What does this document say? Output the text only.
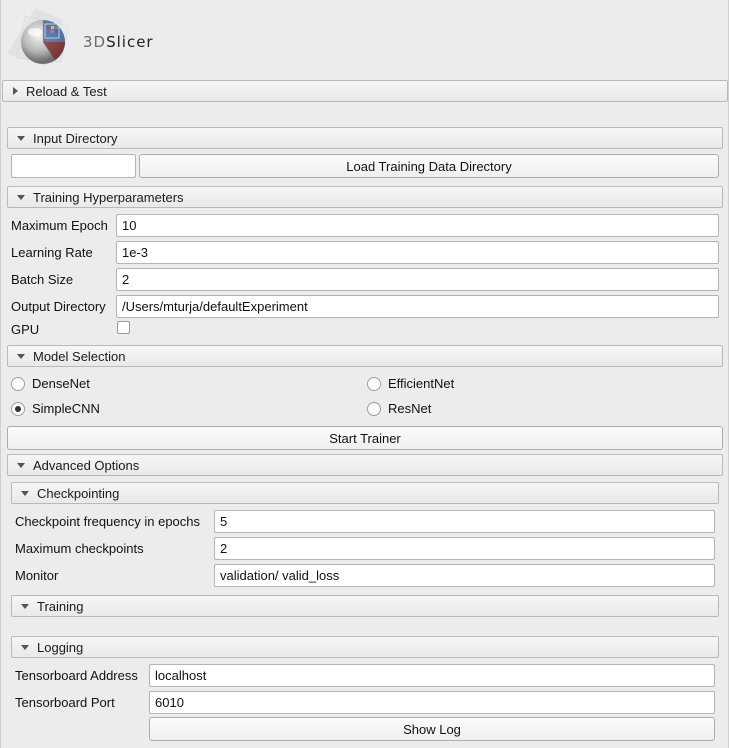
3DSlicer
Reload & Test
Input Directory
Load Training Data Directory
Training Hyperparameters
Maximum Epoch	10
Learning Rate	1e-3
Batch Size	2
Output Directory	/Users/mturja/defaultExperiment
GPU
Model Selection
DenseNet	EfficientNet
SimpleCNN	ResNet
Start Trainer
Advanced Options
Checkpointing
Checkpoint frequency in epochs	5
Maximum checkpoints	2
Monitor	validation/ valid_loss
Training
Logging
Tensorboard Address	localhost
Tensorboard Port	6010
Show Log
